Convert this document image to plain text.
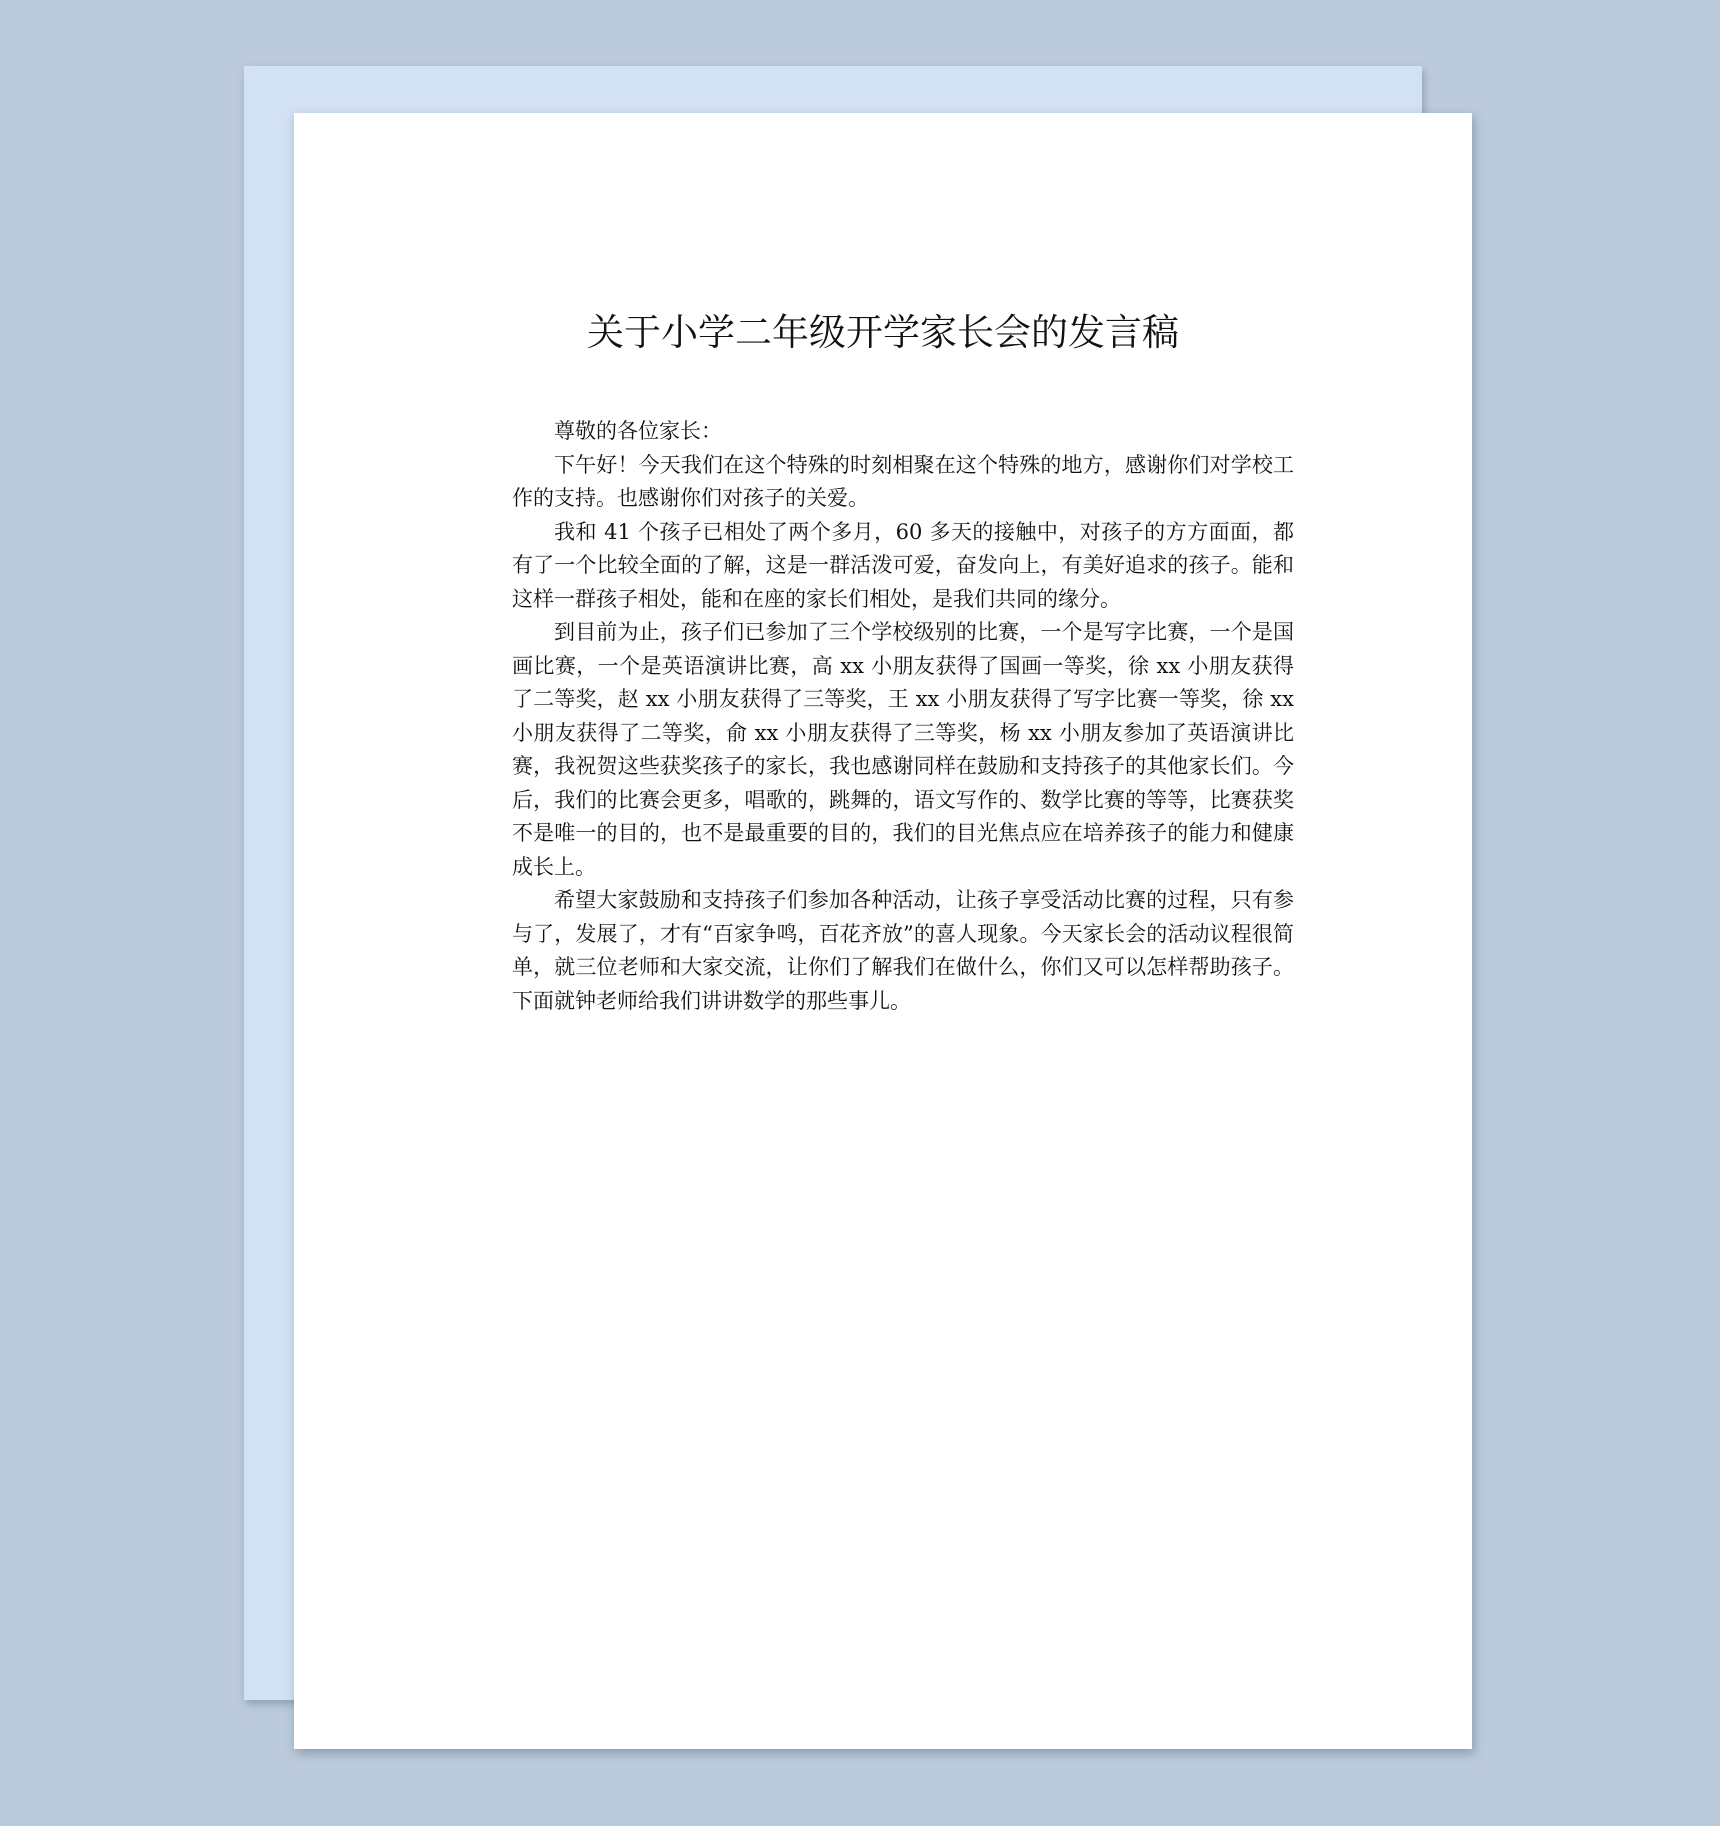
关于小学二年级开学家长会的发言稿

尊敬的各位家长：

下午好！今天我们在这个特殊的时刻相聚在这个特殊的地方，感谢你们对学校工作的支持。也感谢你们对孩子的关爱。

我和 41 个孩子已相处了两个多月，60 多天的接触中，对孩子的方方面面，都有了一个比较全面的了解，这是一群活泼可爱，奋发向上，有美好追求的孩子。能和这样一群孩子相处，能和在座的家长们相处，是我们共同的缘分。

到目前为止，孩子们已参加了三个学校级别的比赛，一个是写字比赛，一个是国画比赛，一个是英语演讲比赛，高 xx 小朋友获得了国画一等奖，徐 xx 小朋友获得了二等奖，赵 xx 小朋友获得了三等奖，王 xx 小朋友获得了写字比赛一等奖，徐 xx 小朋友获得了二等奖，俞 xx 小朋友获得了三等奖，杨 xx 小朋友参加了英语演讲比赛，我祝贺这些获奖孩子的家长，我也感谢同样在鼓励和支持孩子的其他家长们。今后，我们的比赛会更多，唱歌的，跳舞的，语文写作的、数学比赛的等等，比赛获奖不是唯一的目的，也不是最重要的目的，我们的目光焦点应在培养孩子的能力和健康成长上。

希望大家鼓励和支持孩子们参加各种活动，让孩子享受活动比赛的过程，只有参与了，发展了，才有“百家争鸣，百花齐放”的喜人现象。今天家长会的活动议程很简单，就三位老师和大家交流，让你们了解我们在做什么，你们又可以怎样帮助孩子。下面就钟老师给我们讲讲数学的那些事儿。
